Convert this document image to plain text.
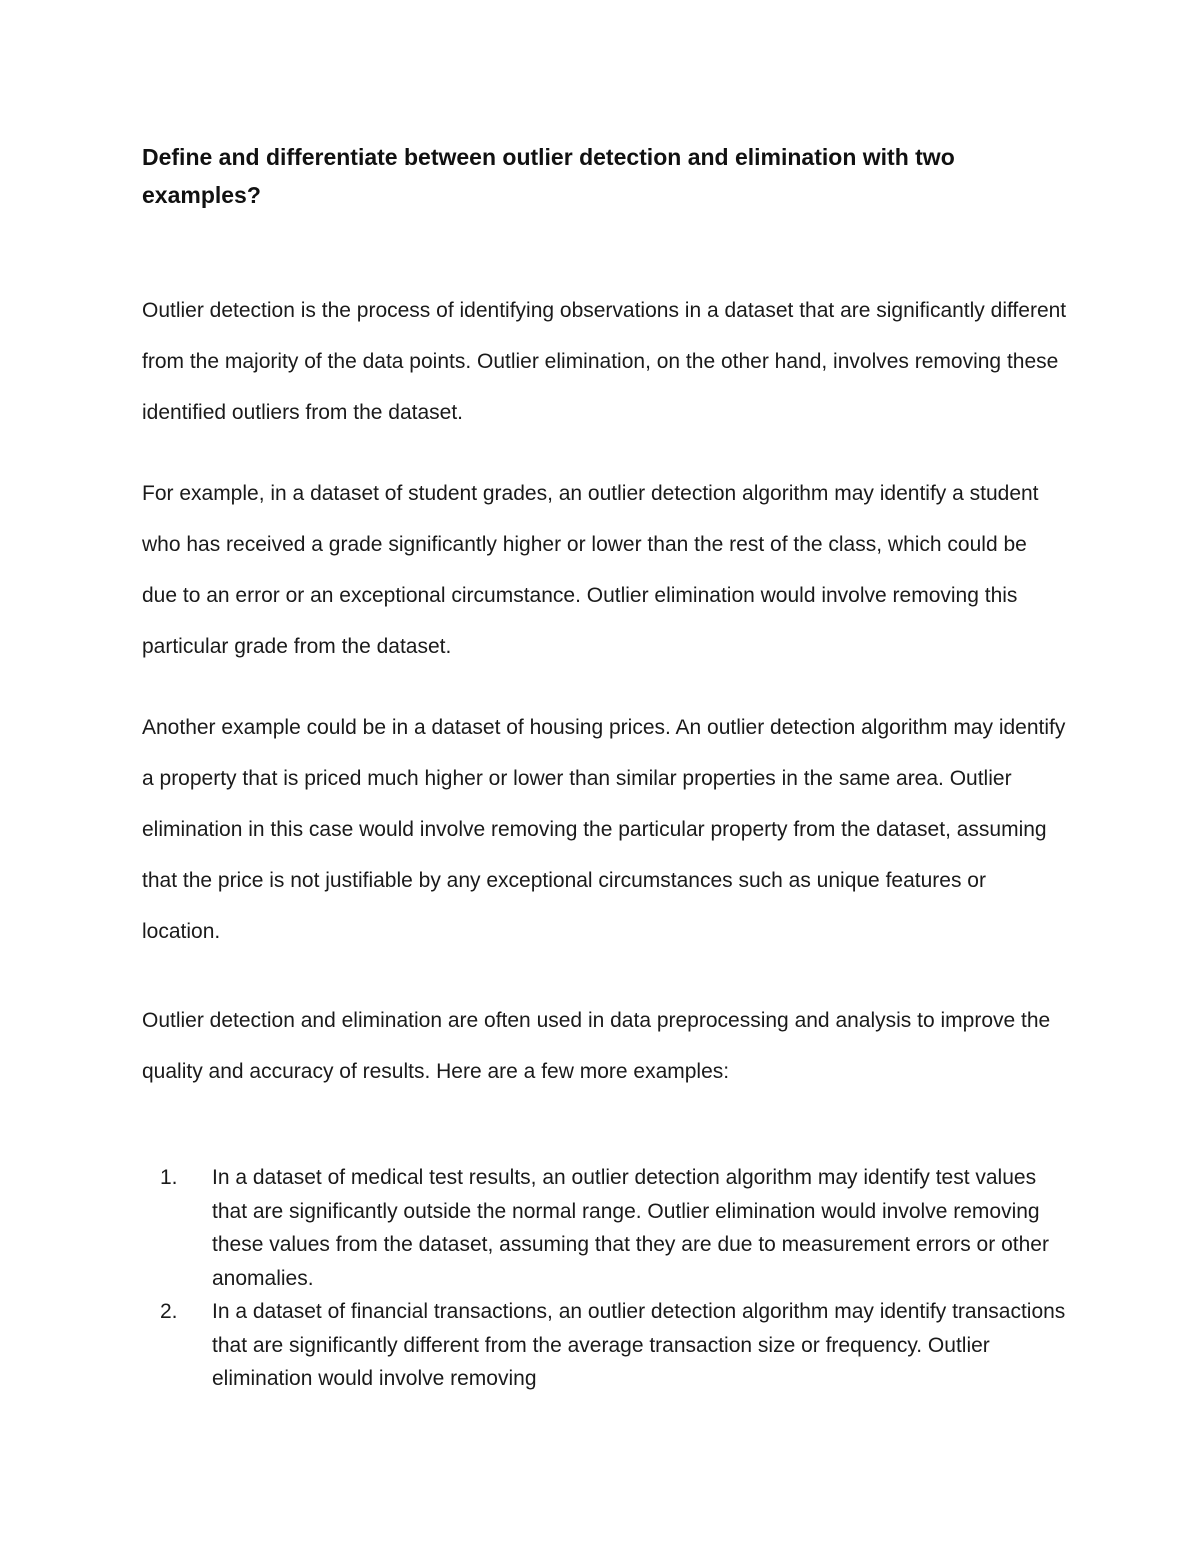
Define and differentiate between outlier detection and elimination with two examples?

Outlier detection is the process of identifying observations in a dataset that are significantly different from the majority of the data points. Outlier elimination, on the other hand, involves removing these identified outliers from the dataset.

For example, in a dataset of student grades, an outlier detection algorithm may identify a student who has received a grade significantly higher or lower than the rest of the class, which could be due to an error or an exceptional circumstance. Outlier elimination would involve removing this particular grade from the dataset.

Another example could be in a dataset of housing prices. An outlier detection algorithm may identify a property that is priced much higher or lower than similar properties in the same area. Outlier elimination in this case would involve removing the particular property from the dataset, assuming that the price is not justifiable by any exceptional circumstances such as unique features or location.

Outlier detection and elimination are often used in data preprocessing and analysis to improve the quality and accuracy of results. Here are a few more examples:

1.	In a dataset of medical test results, an outlier detection algorithm may identify test values that are significantly outside the normal range. Outlier elimination would involve removing these values from the dataset, assuming that they are due to measurement errors or other anomalies.
2.	In a dataset of financial transactions, an outlier detection algorithm may identify transactions that are significantly different from the average transaction size or frequency. Outlier elimination would involve removing
